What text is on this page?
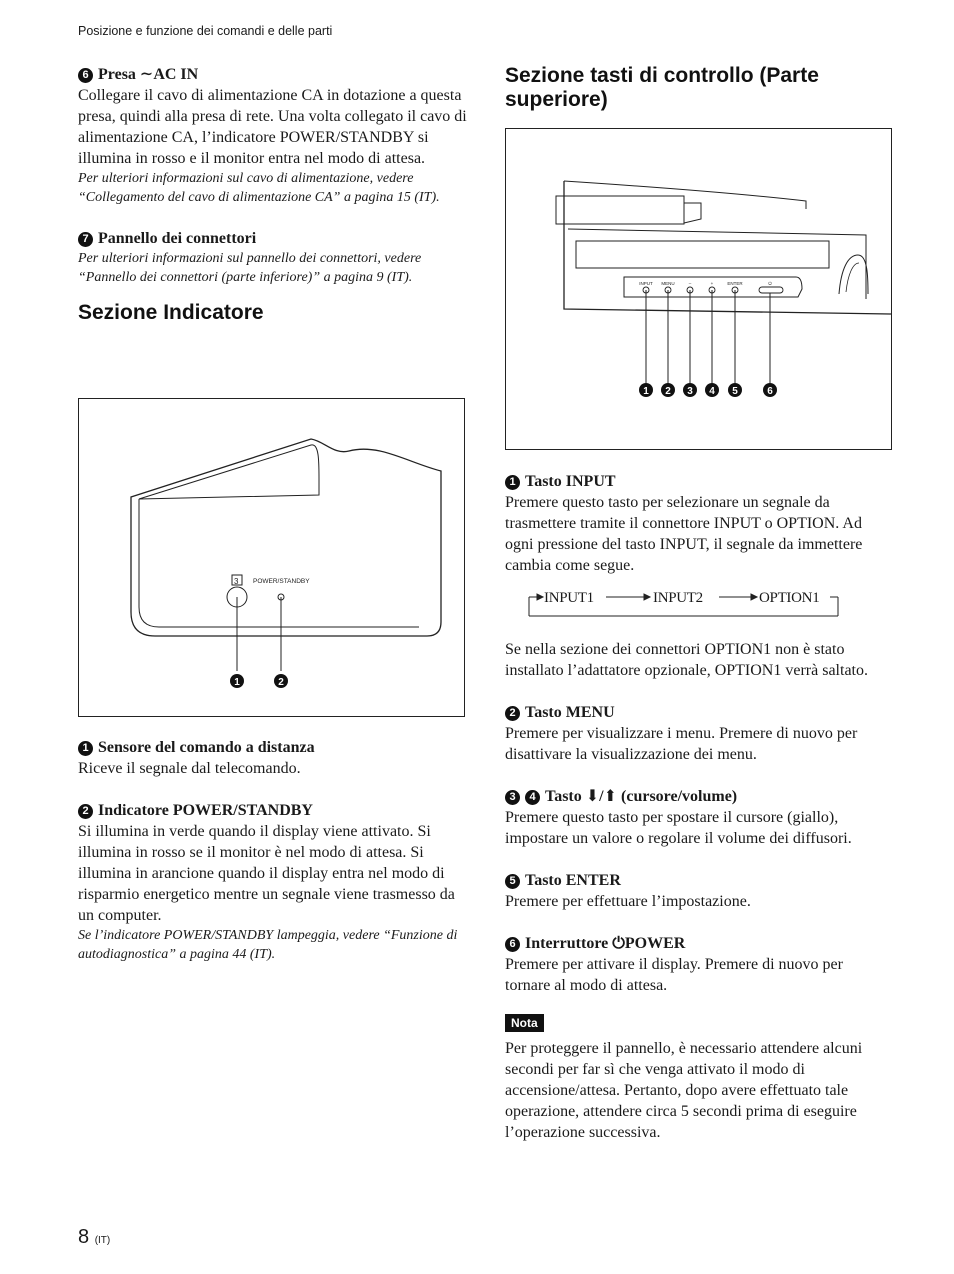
Posizione e funzione dei comandi e delle parti
6 Presa ∼AC IN

Collegare il cavo di alimentazione CA in dotazione a questa presa, quindi alla presa di rete. Una volta collegato il cavo di alimentazione CA, l’indicatore POWER/STANDBY si illumina in rosso e il monitor entra nel modo di attesa.

Per ulteriori informazioni sul cavo di alimentazione, vedere “Collegamento del cavo di alimentazione CA” a pagina 15 (IT).

7 Pannello dei connettori

Per ulteriori informazioni sul pannello dei connettori, vedere “Pannello dei connettori (parte inferiore)” a pagina 9 (IT).

Sezione Indicatore
3 POWER/STANDBY
1	2
1 Sensore del comando a distanza

Riceve il segnale dal telecomando.

2 Indicatore POWER/STANDBY

Si illumina in verde quando il display viene attivato. Si illumina in rosso se il monitor è nel modo di attesa. Si illumina in arancione quando il display entra nel modo di risparmio energetico mentre un segnale viene trasmesso da un computer.

Se l’indicatore POWER/STANDBY lampeggia, vedere “Funzione di autodiagnostica” a pagina 44 (IT).

Sezione tasti di controllo (Parte superiore)
INPUT MENU	–	+	ENTER	⏻
1 2 3 4 5	6
1 Tasto INPUT

Premere questo tasto per selezionare un segnale da trasmettere tramite il connettore INPUT o OPTION. Ad ogni pressione del tasto INPUT, il segnale da immettere cambia come segue.

INPUT1	INPUT2	OPTION1

Se nella sezione dei connettori OPTION1 non è stato installato l’adattatore opzionale, OPTION1 verrà saltato.

2 Tasto MENU

Premere per visualizzare i menu. Premere di nuovo per disattivare la visualizzazione dei menu.

3 4 Tasto ⬇/⬆ (cursore/volume)

Premere questo tasto per spostare il cursore (giallo), impostare un valore o regolare il volume dei diffusori.

5 Tasto ENTER

Premere per effettuare l’impostazione.

6 Interruttore ⏻POWER

Premere per attivare il display. Premere di nuovo per tornare al modo di attesa.

Nota

Per proteggere il pannello, è necessario attendere alcuni secondi per far sì che venga attivato il modo di accensione/attesa. Pertanto, dopo avere effettuato tale operazione, attendere circa 5 secondi prima di eseguire l’operazione successiva.

8 (IT)
